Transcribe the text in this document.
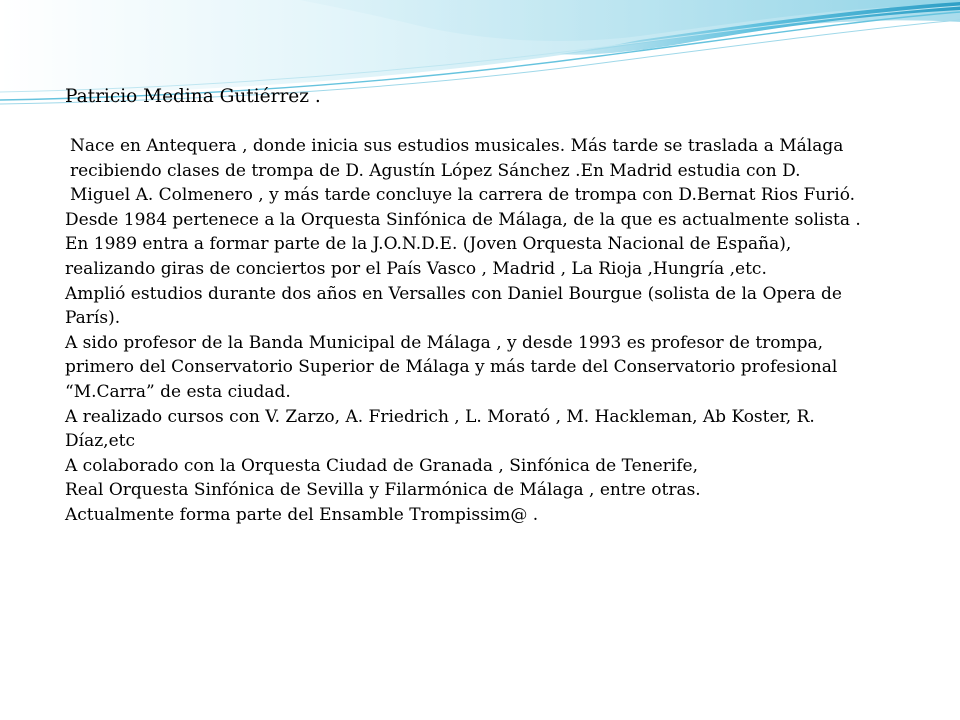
Patricio Medina Gutiérrez .

Nace en Antequera , donde inicia sus estudios musicales. Más tarde se traslada a Málaga recibiendo clases de trompa de D. Agustín López Sánchez .En Madrid estudia con D. Miguel A. Colmenero , y más tarde concluye la carrera de trompa con D.Bernat Rios Furió.

Desde 1984 pertenece a la Orquesta Sinfónica de Málaga, de la que es actualmente solista .

En 1989 entra a formar parte de la J.O.N.D.E. (Joven Orquesta Nacional de España), realizando giras de conciertos por el País Vasco , Madrid , La Rioja ,Hungría ,etc.

Amplió estudios durante dos años en Versalles con Daniel Bourgue (solista de la Opera de París).

A sido profesor de la Banda Municipal de Málaga , y desde 1993 es profesor de trompa, primero del Conservatorio Superior de Málaga y más tarde del Conservatorio profesional “M.Carra” de esta ciudad.

A realizado cursos con V. Zarzo, A. Friedrich , L. Morató , M. Hackleman, Ab Koster, R. Díaz,etc

A colaborado con la Orquesta Ciudad de Granada , Sinfónica de Tenerife,

Real Orquesta Sinfónica de Sevilla y Filarmónica de Málaga , entre otras.

Actualmente forma parte del Ensamble Trompissim@ .
